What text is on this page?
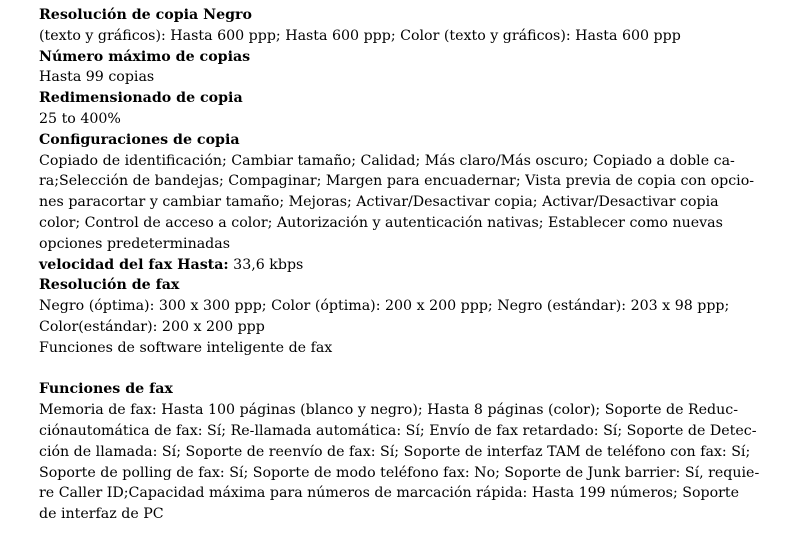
Resolución de copia Negro
(texto y gráficos): Hasta 600 ppp; Hasta 600 ppp; Color (texto y gráficos): Hasta 600 ppp
Número máximo de copias
Hasta 99 copias
Redimensionado de copia
25 to 400%
Configuraciones de copia
Copiado de identificación; Cambiar tamaño; Calidad; Más claro/Más oscuro; Copiado a doble ca-
ra;Selección de bandejas; Compaginar; Margen para encuadernar; Vista previa de copia con opcio-
nes paracortar y cambiar tamaño; Mejoras; Activar/Desactivar copia; Activar/Desactivar copia
color; Control de acceso a color; Autorización y autenticación nativas; Establecer como nuevas
opciones predeterminadas
velocidad del fax Hasta: 33,6 kbps
Resolución de fax
Negro (óptima): 300 x 300 ppp; Color (óptima): 200 x 200 ppp; Negro (estándar): 203 x 98 ppp;
Color(estándar): 200 x 200 ppp
Funciones de software inteligente de fax
Funciones de fax
Memoria de fax: Hasta 100 páginas (blanco y negro); Hasta 8 páginas (color); Soporte de Reduc-
ciónautomática de fax: Sí; Re-llamada automática: Sí; Envío de fax retardado: Sí; Soporte de Detec-
ción de llamada: Sí; Soporte de reenvío de fax: Sí; Soporte de interfaz TAM de teléfono con fax: Sí;
Soporte de polling de fax: Sí; Soporte de modo teléfono fax: No; Soporte de Junk barrier: Sí, requie-
re Caller ID;Capacidad máxima para números de marcación rápida: Hasta 199 números; Soporte
de interfaz de PC
